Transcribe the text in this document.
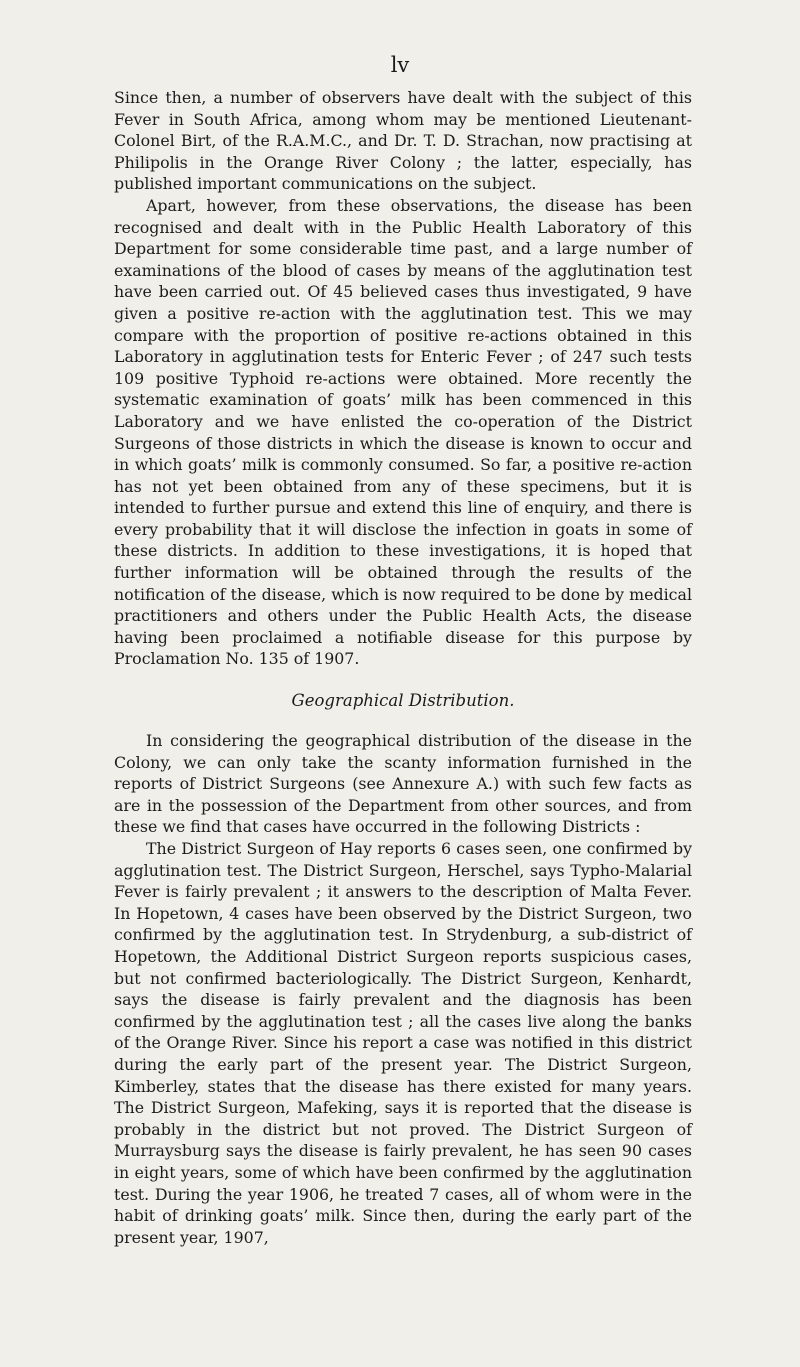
lv

Since then, a number of observers have dealt with the subject of this Fever in South Africa, among whom may be mentioned Lieutenant-Colonel Birt, of the R.A.M.C., and Dr. T. D. Strachan, now practising at Philipolis in the Orange River Colony ; the latter, especially, has published important communications on the subject.

Apart, however, from these observations, the disease has been recognised and dealt with in the Public Health Laboratory of this Department for some considerable time past, and a large number of examinations of the blood of cases by means of the agglutination test have been carried out. Of 45 believed cases thus investigated, 9 have given a positive re-action with the agglutination test. This we may compare with the proportion of positive re-actions obtained in this Laboratory in agglutination tests for Enteric Fever ; of 247 such tests 109 positive Typhoid re-actions were obtained. More recently the systematic examination of goats’ milk has been commenced in this Laboratory and we have enlisted the co-operation of the District Surgeons of those districts in which the disease is known to occur and in which goats’ milk is commonly consumed. So far, a positive re-action has not yet been obtained from any of these specimens, but it is intended to further pursue and extend this line of enquiry, and there is every probability that it will disclose the infection in goats in some of these districts. In addition to these investigations, it is hoped that further information will be obtained through the results of the notification of the disease, which is now required to be done by medical practitioners and others under the Public Health Acts, the disease having been proclaimed a notifiable disease for this purpose by Proclamation No. 135 of 1907.

Geographical Distribution.

In considering the geographical distribution of the disease in the Colony, we can only take the scanty information furnished in the reports of District Surgeons (see Annexure A.) with such few facts as are in the possession of the Department from other sources, and from these we find that cases have occurred in the following Districts :

The District Surgeon of Hay reports 6 cases seen, one confirmed by agglutination test. The District Surgeon, Herschel, says Typho-Malarial Fever is fairly prevalent ; it answers to the description of Malta Fever. In Hopetown, 4 cases have been observed by the District Surgeon, two confirmed by the agglutination test. In Strydenburg, a sub-district of Hopetown, the Additional District Surgeon reports suspicious cases, but not confirmed bacteriologically. The District Surgeon, Kenhardt, says the disease is fairly prevalent and the diagnosis has been confirmed by the agglutination test ; all the cases live along the banks of the Orange River. Since his report a case was notified in this district during the early part of the present year. The District Surgeon, Kimberley, states that the disease has there existed for many years. The District Surgeon, Mafeking, says it is reported that the disease is probably in the district but not proved. The District Surgeon of Murraysburg says the disease is fairly prevalent, he has seen 90 cases in eight years, some of which have been confirmed by the agglutination test. During the year 1906, he treated 7 cases, all of whom were in the habit of drinking goats’ milk. Since then, during the early part of the present year, 1907,
